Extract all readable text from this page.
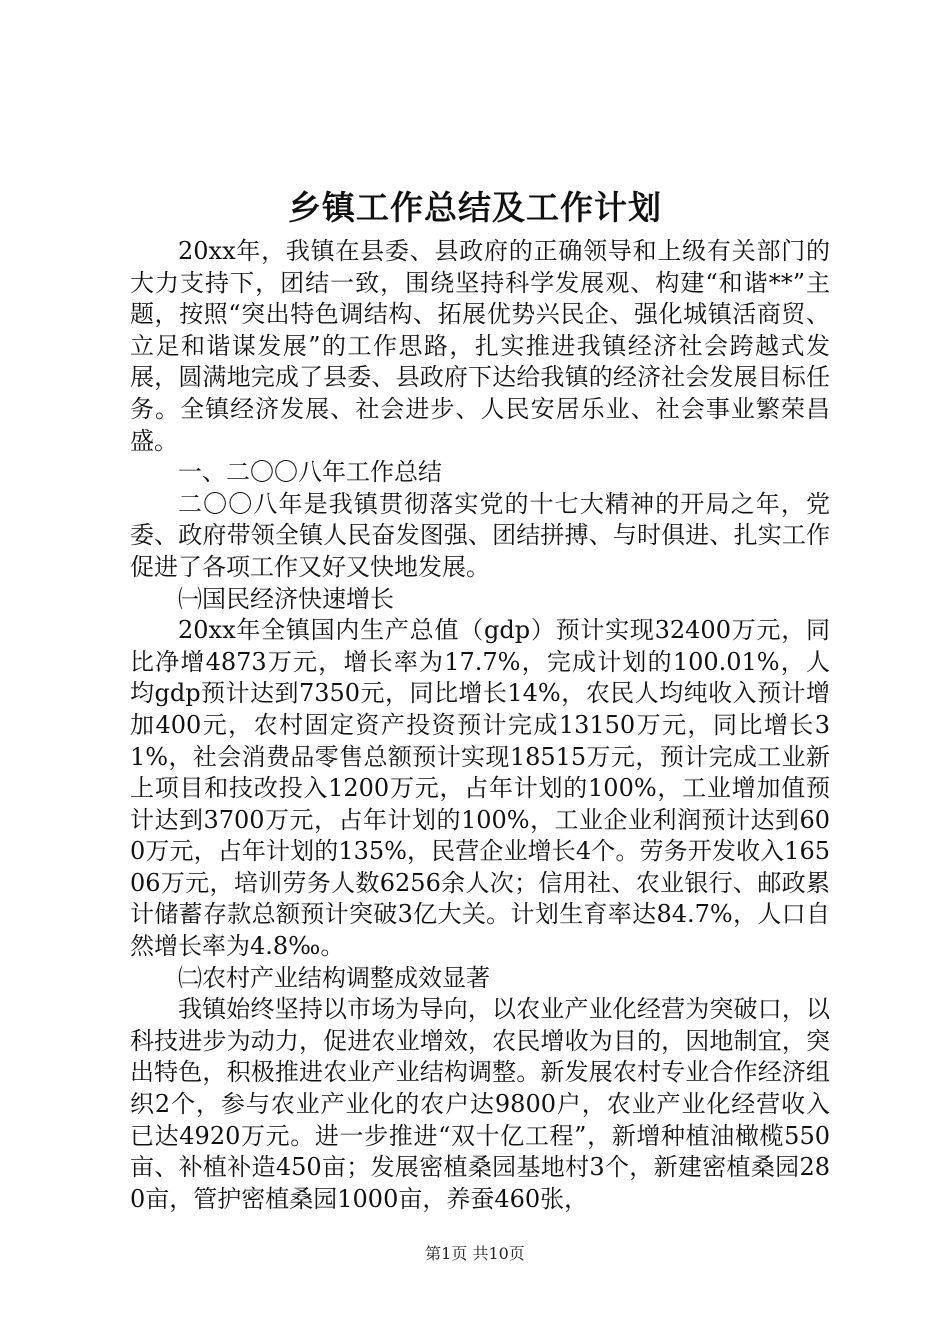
乡镇工作总结及工作计划

20xx年，我镇在县委、县政府的正确领导和上级有关部门的大力支持下，团结一致，围绕坚持科学发展观、构建“和谐**”主题，按照“突出特色调结构、拓展优势兴民企、强化城镇活商贸、立足和谐谋发展”的工作思路，扎实推进我镇经济社会跨越式发展，圆满地完成了县委、县政府下达给我镇的经济社会发展目标任务。全镇经济发展、社会进步、人民安居乐业、社会事业繁荣昌盛。

一、二〇〇八年工作总结

二〇〇八年是我镇贯彻落实党的十七大精神的开局之年，党委、政府带领全镇人民奋发图强、团结拼搏、与时俱进、扎实工作促进了各项工作又好又快地发展。

㈠国民经济快速增长

20xx年全镇国内生产总值（gdp）预计实现32400万元，同比净增4873万元，增长率为17.7%，完成计划的100.01%，人均gdp预计达到7350元，同比增长14%，农民人均纯收入预计增加400元，农村固定资产投资预计完成13150万元，同比增长31%，社会消费品零售总额预计实现18515万元，预计完成工业新上项目和技改投入1200万元，占年计划的100%，工业增加值预计达到3700万元，占年计划的100%，工业企业利润预计达到600万元，占年计划的135%，民营企业增长4个。劳务开发收入16506万元，培训劳务人数6256余人次；信用社、农业银行、邮政累计储蓄存款总额预计突破3亿大关。计划生育率达84.7%，人口自然增长率为4.8‰。

㈡农村产业结构调整成效显著

我镇始终坚持以市场为导向，以农业产业化经营为突破口，以科技进步为动力，促进农业增效，农民增收为目的，因地制宜，突出特色，积极推进农业产业结构调整。新发展农村专业合作经济组织2个，参与农业产业化的农户达9800户，农业产业化经营收入已达4920万元。进一步推进“双十亿工程”，新增种植油橄榄550亩、补植补造450亩；发展密植桑园基地村3个，新建密植桑园280亩，管护密植桑园1000亩，养蚕460张，

第1页 共10页
